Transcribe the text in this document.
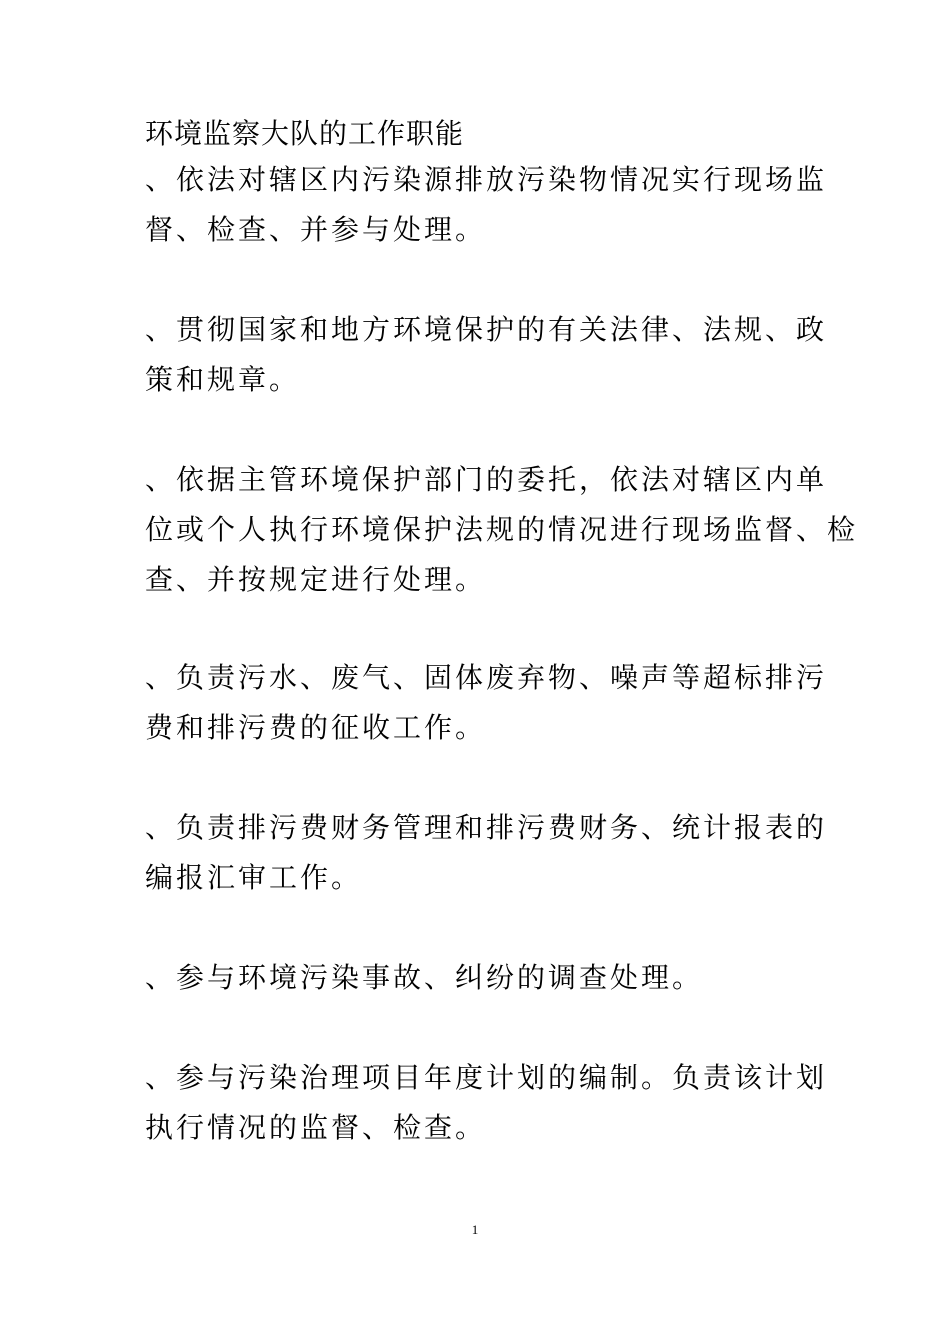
环境监察大队的工作职能

、依法对辖区内污染源排放污染物情况实行现场监
督、检查、并参与处理。

、贯彻国家和地方环境保护的有关法律、法规、政
策和规章。

、依据主管环境保护部门的委托，依法对辖区内单
位或个人执行环境保护法规的情况进行现场监督、检
查、并按规定进行处理。

、负责污水、废气、固体废弃物、噪声等超标排污
费和排污费的征收工作。

、负责排污费财务管理和排污费财务、统计报表的
编报汇审工作。

、参与环境污染事故、纠纷的调查处理。

、参与污染治理项目年度计划的编制。负责该计划
执行情况的监督、检查。

1
